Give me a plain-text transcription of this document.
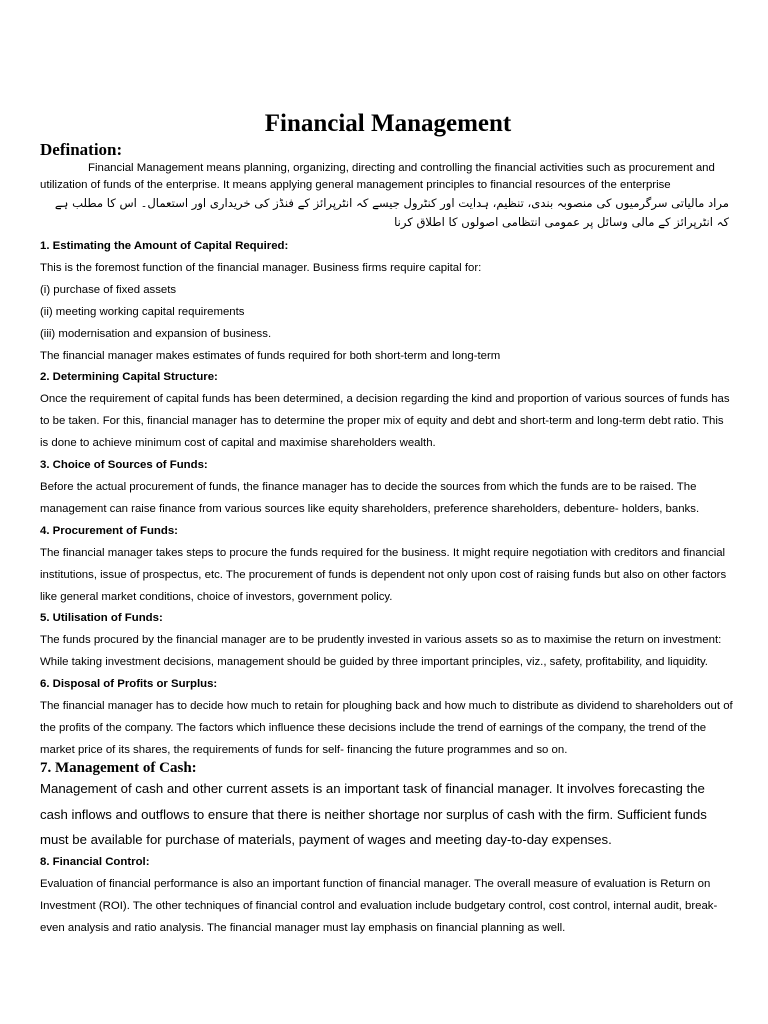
Financial Management
Defination:

Financial Management means planning, organizing, directing and controlling the financial activities such as procurement and utilization of funds of the enterprise. It means applying general management principles to financial resources of the enterprise

مراد مالیاتی سرگرمیوں کی منصوبہ بندی، تنظیم، ہدایت اور کنٹرول جیسے کہ انٹرپرائز کے فنڈز کی خریداری اور استعمال۔ اس کا مطلب ہے کہ انٹرپرائز کے مالی وسائل پر عمومی انتظامی اصولوں کا اطلاق کرنا

1. Estimating the Amount of Capital Required:

This is the foremost function of the financial manager. Business firms require capital for:

(i) purchase of fixed assets

(ii) meeting working capital requirements

(iii) modernisation and expansion of business.

The financial manager makes estimates of funds required for both short-term and long-term

2. Determining Capital Structure:

Once the requirement of capital funds has been determined, a decision regarding the kind and proportion of various sources of funds has to be taken. For this, financial manager has to determine the proper mix of equity and debt and short-term and long-term debt ratio. This is done to achieve minimum cost of capital and maximise shareholders wealth.

3. Choice of Sources of Funds:

Before the actual procurement of funds, the finance manager has to decide the sources from which the funds are to be raised. The management can raise finance from various sources like equity shareholders, preference shareholders, debenture- holders, banks.

4. Procurement of Funds:

The financial manager takes steps to procure the funds required for the business. It might require negotiation with creditors and financial institutions, issue of prospectus, etc. The procurement of funds is dependent not only upon cost of raising funds but also on other factors like general market conditions, choice of investors, government policy.

5. Utilisation of Funds:

The funds procured by the financial manager are to be prudently invested in various assets so as to maximise the return on investment: While taking investment decisions, management should be guided by three important principles, viz., safety, profitability, and liquidity.

6. Disposal of Profits or Surplus:

The financial manager has to decide how much to retain for ploughing back and how much to distribute as dividend to shareholders out of the profits of the company. The factors which influence these decisions include the trend of earnings of the company, the trend of the market price of its shares, the requirements of funds for self- financing the future programmes and so on.

7. Management of Cash:

Management of cash and other current assets is an important task of financial manager. It involves forecasting the cash inflows and outflows to ensure that there is neither shortage nor surplus of cash with the firm. Sufficient funds must be available for purchase of materials, payment of wages and meeting day-to-day expenses.

8. Financial Control:

Evaluation of financial performance is also an important function of financial manager. The overall measure of evaluation is Return on Investment (ROI). The other techniques of financial control and evaluation include budgetary control, cost control, internal audit, break-even analysis and ratio analysis. The financial manager must lay emphasis on financial planning as well.
